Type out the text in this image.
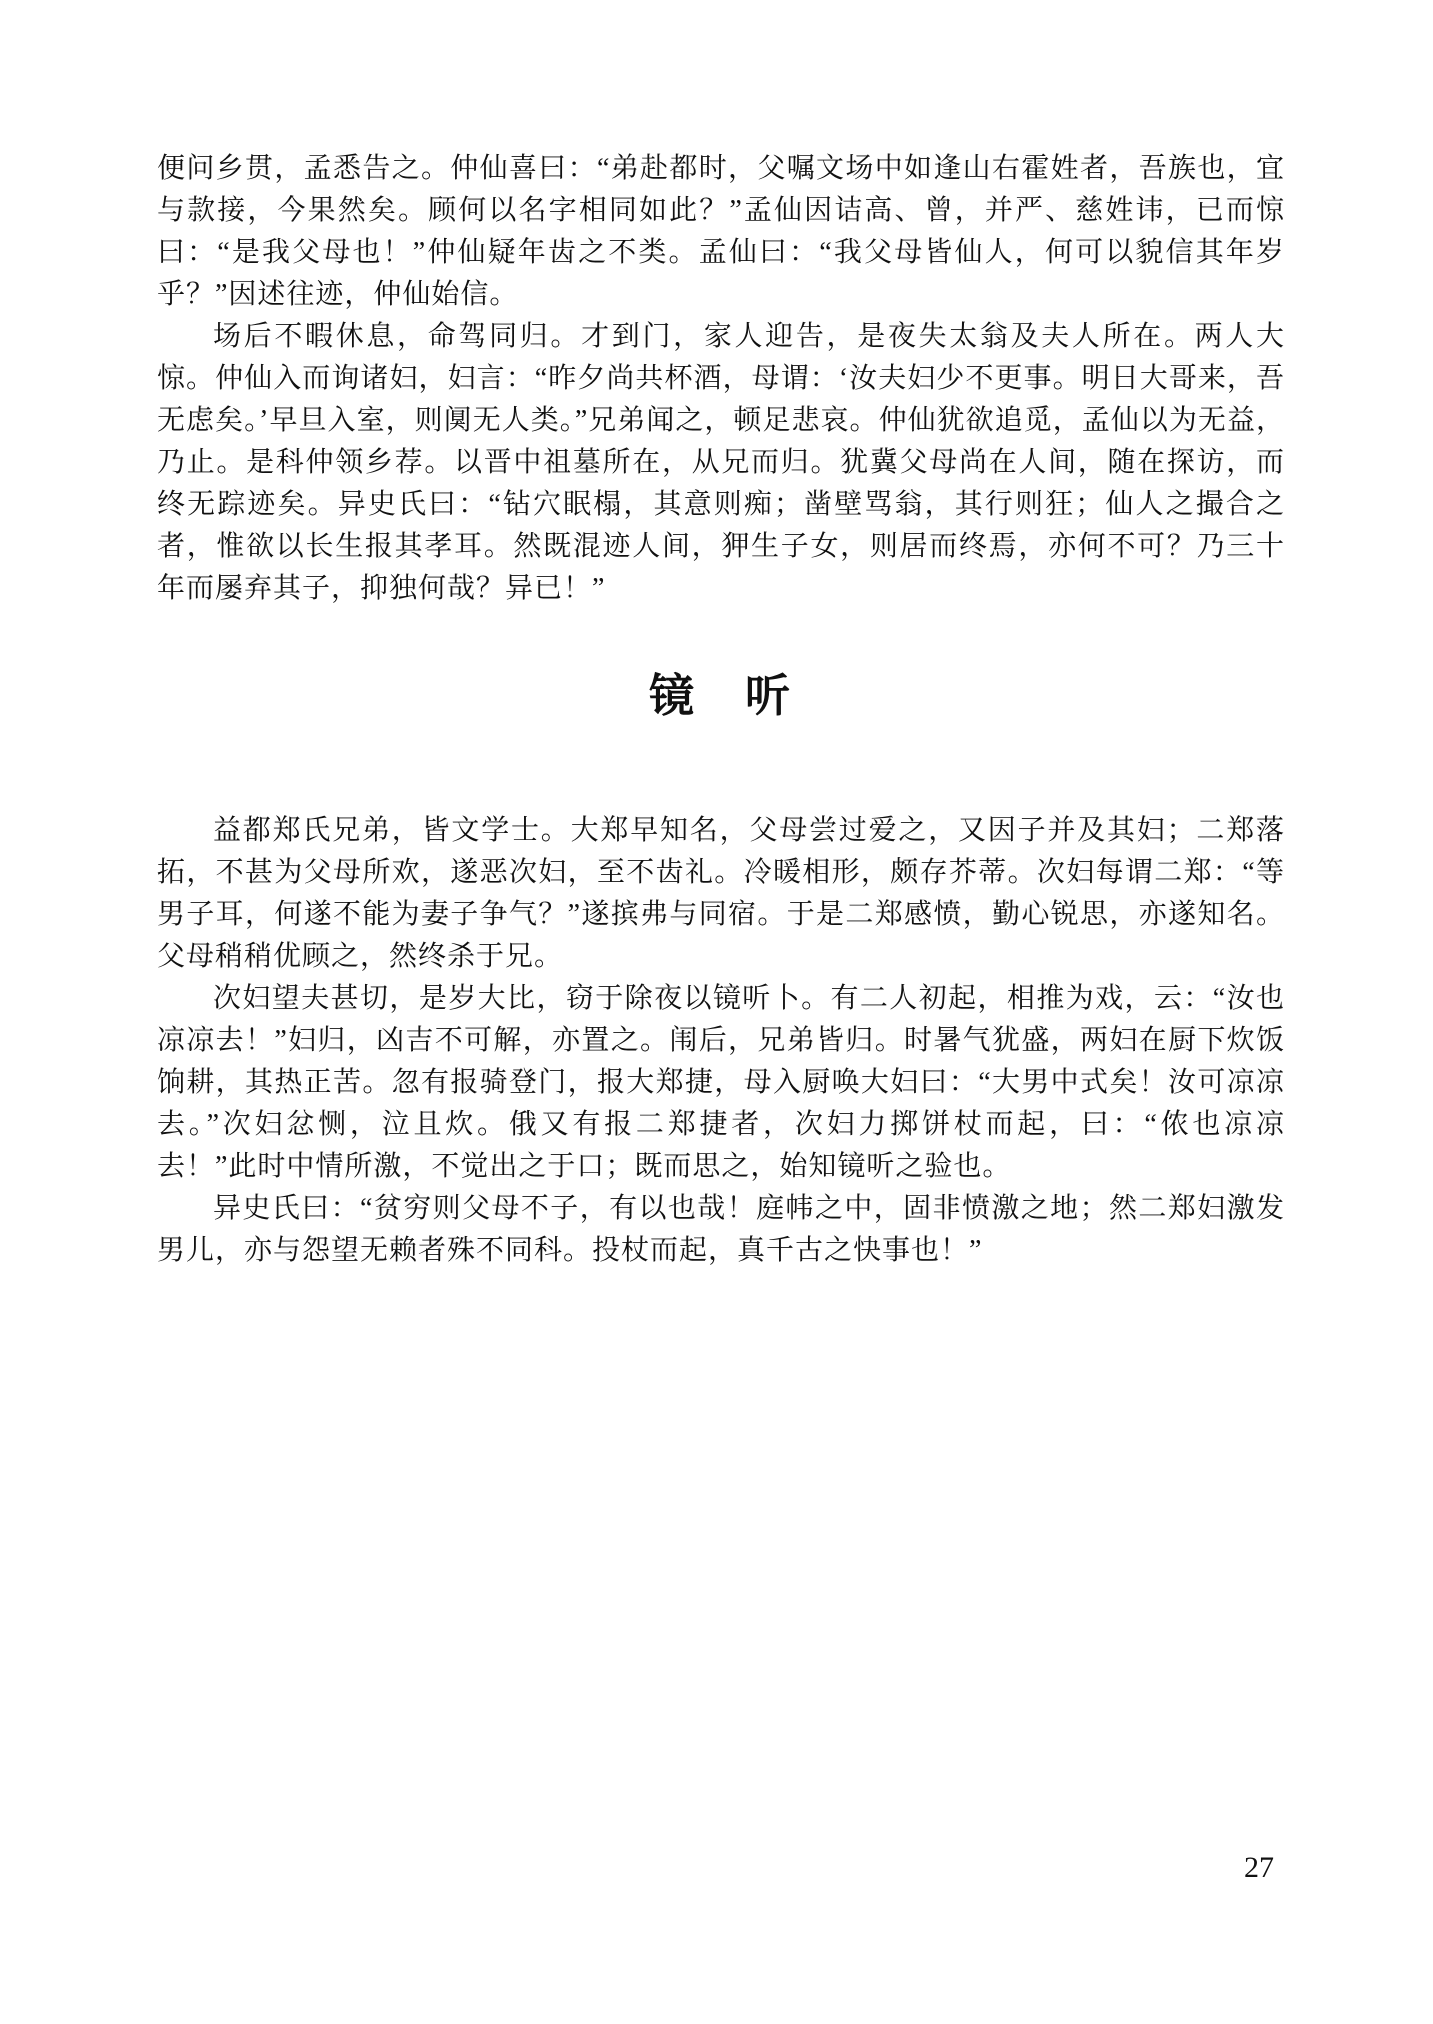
便问乡贯，孟悉告之。仲仙喜曰：“弟赴都时，父嘱文场中如逢山右霍姓者，吾族也，宜与款接，今果然矣。顾何以名字相同如此？”孟仙因诘高、曾，并严、慈姓讳，已而惊曰：“是我父母也！”仲仙疑年齿之不类。孟仙曰：“我父母皆仙人，何可以貌信其年岁乎？”因述往迹，仲仙始信。

场后不暇休息，命驾同归。才到门，家人迎告，是夜失太翁及夫人所在。两人大惊。仲仙入而询诸妇，妇言：“昨夕尚共杯酒，母谓：‘汝夫妇少不更事。明日大哥来，吾无虑矣。’早旦入室，则阒无人类。”兄弟闻之，顿足悲哀。仲仙犹欲追觅，孟仙以为无益，乃止。是科仲领乡荐。以晋中祖墓所在，从兄而归。犹冀父母尚在人间，随在探访，而终无踪迹矣。异史氏曰：“钻穴眠榻，其意则痴；凿壁骂翁，其行则狂；仙人之撮合之者，惟欲以长生报其孝耳。然既混迹人间，狎生子女，则居而终焉，亦何不可？乃三十年而屡弃其子，抑独何哉？异已！”

镜　听

益都郑氏兄弟，皆文学士。大郑早知名，父母尝过爱之，又因子并及其妇；二郑落拓，不甚为父母所欢，遂恶次妇，至不齿礼。冷暖相形，颇存芥蒂。次妇每谓二郑：“等男子耳，何遂不能为妻子争气？”遂摈弗与同宿。于是二郑感愤，勤心锐思，亦遂知名。父母稍稍优顾之，然终杀于兄。

次妇望夫甚切，是岁大比，窃于除夜以镜听卜。有二人初起，相推为戏，云：“汝也凉凉去！”妇归，凶吉不可解，亦置之。闱后，兄弟皆归。时暑气犹盛，两妇在厨下炊饭饷耕，其热正苦。忽有报骑登门，报大郑捷，母入厨唤大妇曰：“大男中式矣！汝可凉凉去。”次妇忿恻，泣且炊。俄又有报二郑捷者，次妇力掷饼杖而起，曰：“侬也凉凉去！”此时中情所激，不觉出之于口；既而思之，始知镜听之验也。

异史氏曰：“贫穷则父母不子，有以也哉！庭帏之中，固非愤激之地；然二郑妇激发男儿，亦与怨望无赖者殊不同科。投杖而起，真千古之快事也！”

27
